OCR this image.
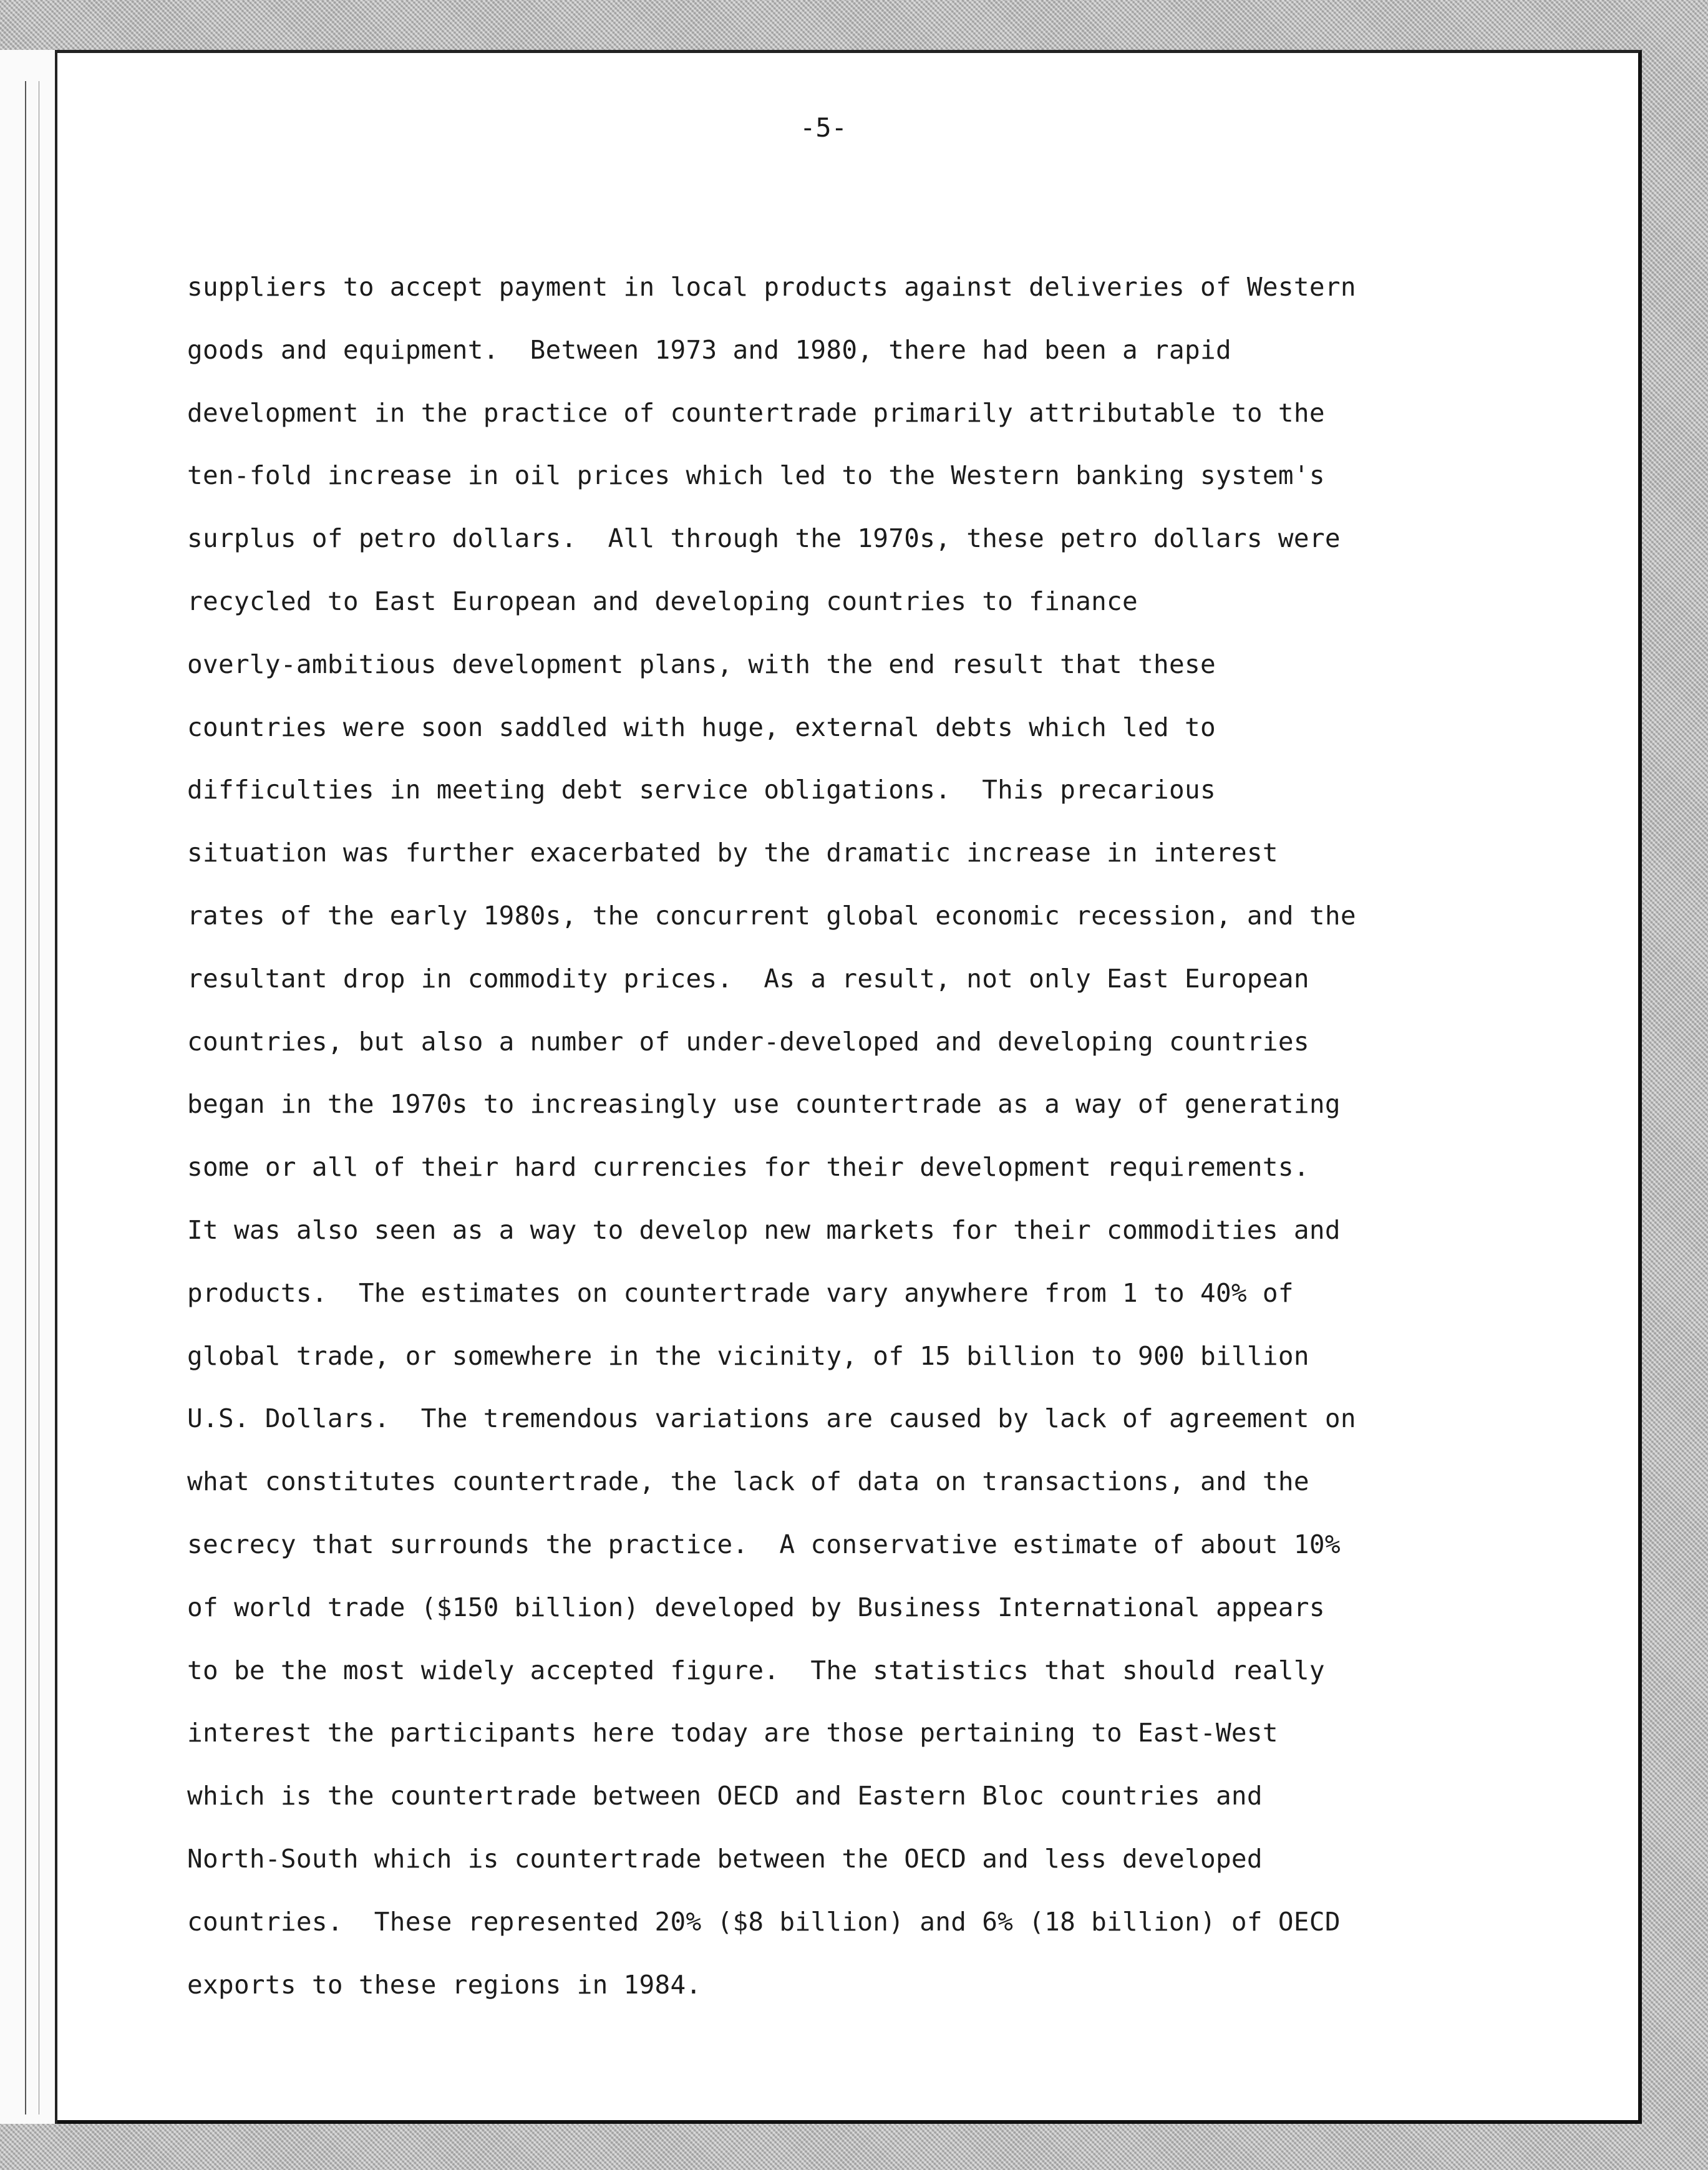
-5-

suppliers to accept payment in local products against deliveries of Western
goods and equipment.  Between 1973 and 1980, there had been a rapid
development in the practice of countertrade primarily attributable to the
ten-fold increase in oil prices which led to the Western banking system's
surplus of petro dollars.  All through the 1970s, these petro dollars were
recycled to East European and developing countries to finance
overly-ambitious development plans, with the end result that these
countries were soon saddled with huge, external debts which led to
difficulties in meeting debt service obligations.  This precarious
situation was further exacerbated by the dramatic increase in interest
rates of the early 1980s, the concurrent global economic recession, and the
resultant drop in commodity prices.  As a result, not only East European
countries, but also a number of under-developed and developing countries
began in the 1970s to increasingly use countertrade as a way of generating
some or all of their hard currencies for their development requirements.
It was also seen as a way to develop new markets for their commodities and
products.  The estimates on countertrade vary anywhere from 1 to 40% of
global trade, or somewhere in the vicinity, of 15 billion to 900 billion
U.S. Dollars.  The tremendous variations are caused by lack of agreement on
what constitutes countertrade, the lack of data on transactions, and the
secrecy that surrounds the practice.  A conservative estimate of about 10%
of world trade ($150 billion) developed by Business International appears
to be the most widely accepted figure.  The statistics that should really
interest the participants here today are those pertaining to East-West
which is the countertrade between OECD and Eastern Bloc countries and
North-South which is countertrade between the OECD and less developed
countries.  These represented 20% ($8 billion) and 6% (18 billion) of OECD
exports to these regions in 1984.
